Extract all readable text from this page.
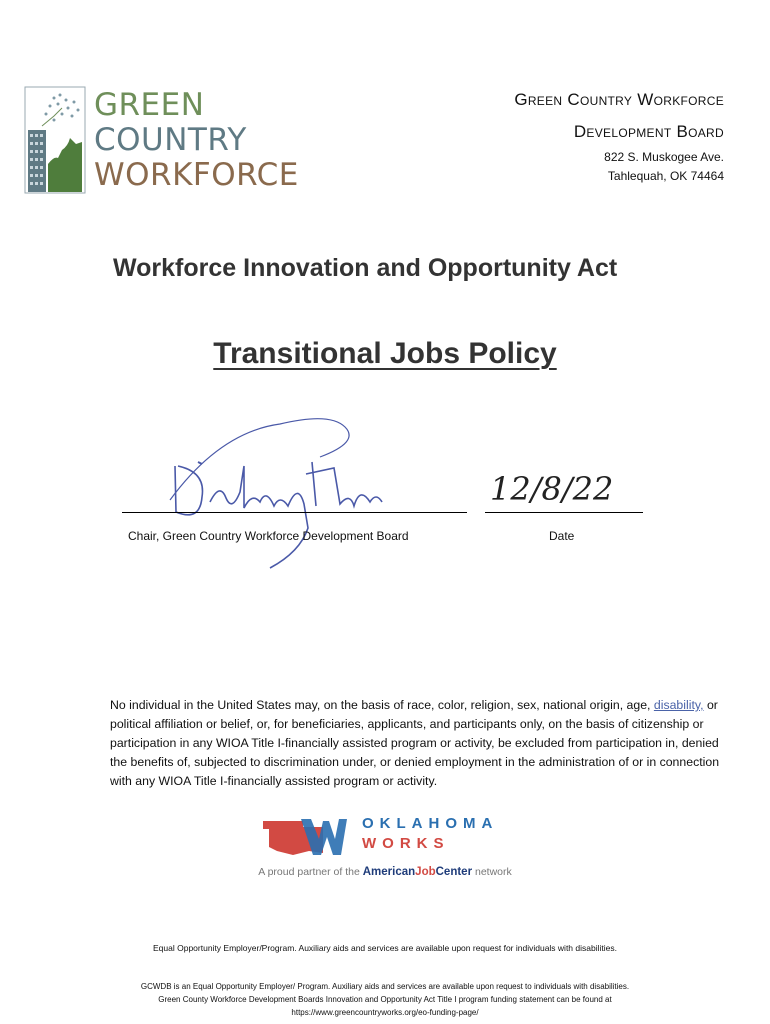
GREEN
COUNTRY
WORKFORCE
Green Country Workforce
Development Board
822 S. Muskogee Ave.
Tahlequah, OK 74464
Workforce Innovation and Opportunity Act
Transitional Jobs Policy
12/8/22
Chair, Green Country Workforce Development Board	Date
No individual in the United States may, on the basis of race, color, religion, sex, national origin, age, disability, or political affiliation or belief, or, for beneficiaries, applicants, and participants only, on the basis of citizenship or participation in any WIOA Title I-financially assisted program or activity, be excluded from participation in, denied the benefits of, subjected to discrimination under, or denied employment in the administration of or in connection with any WIOA Title I-financially assisted program or activity.
OKLAHOMA
WORKS
A proud partner of the AmericanJobCenter network
Equal Opportunity Employer/Program. Auxiliary aids and services are available upon request for individuals with disabilities.
GCWDB is an Equal Opportunity Employer/ Program. Auxiliary aids and services are available upon request to individuals with disabilities.
Green County Workforce Development Boards Innovation and Opportunity Act Title I program funding statement can be found at
https://www.greencountryworks.org/eo-funding-page/
